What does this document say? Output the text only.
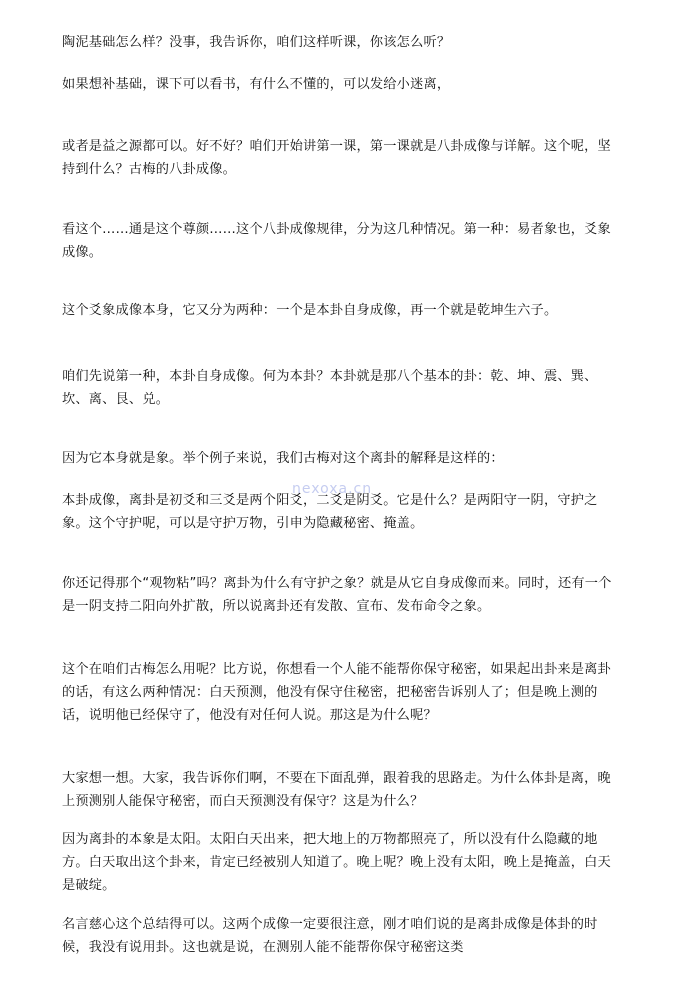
陶泥基础怎么样？没事，我告诉你，咱们这样听课，你该怎么听？

如果想补基础，课下可以看书，有什么不懂的，可以发给小迷离，

或者是益之源都可以。好不好？咱们开始讲第一课，第一课就是八卦成像与详解。这个呢，坚持到什么？古梅的八卦成像。

看这个……通是这个尊颜……这个八卦成像规律，分为这几种情况。第一种：易者象也，爻象成像。

这个爻象成像本身，它又分为两种：一个是本卦自身成像，再一个就是乾坤生六子。

咱们先说第一种，本卦自身成像。何为本卦？本卦就是那八个基本的卦：乾、坤、震、巽、坎、离、艮、兑。

因为它本身就是象。举个例子来说，我们古梅对这个离卦的解释是这样的：

本卦成像，离卦是初爻和三爻是两个阳爻，二爻是阴爻。它是什么？是两阳守一阴，守护之象。这个守护呢，可以是守护万物，引申为隐藏秘密、掩盖。

你还记得那个“观物粘”吗？离卦为什么有守护之象？就是从它自身成像而来。同时，还有一个是一阴支持二阳向外扩散，所以说离卦还有发散、宣布、发布命令之象。

这个在咱们古梅怎么用呢？比方说，你想看一个人能不能帮你保守秘密，如果起出卦来是离卦的话，有这么两种情况：白天预测，他没有保守住秘密，把秘密告诉别人了；但是晚上测的话，说明他已经保守了，他没有对任何人说。那这是为什么呢？

大家想一想。大家，我告诉你们啊，不要在下面乱弹，跟着我的思路走。为什么体卦是离，晚上预测别人能保守秘密，而白天预测没有保守？这是为什么？

因为离卦的本象是太阳。太阳白天出来，把大地上的万物都照亮了，所以没有什么隐藏的地方。白天取出这个卦来，肯定已经被别人知道了。晚上呢？晚上没有太阳，晚上是掩盖，白天是破绽。

名言慈心这个总结得可以。这两个成像一定要很注意，刚才咱们说的是离卦成像是体卦的时候，我没有说用卦。这也就是说，在测别人能不能帮你保守秘密这类

nexoxa.cn
